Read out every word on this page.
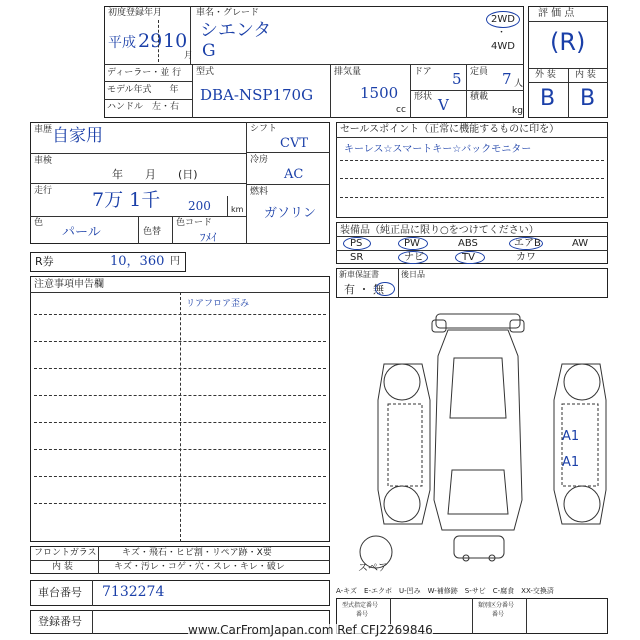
初度登録年月
平成 29 10
月
車名・グレード
シエンタ
G
2WD
・
4WD
ディーラー・並 行
モデル年式　　年
ハンドル　左・右
型式
DBA-NSP170G
排気量
1500
cc
ドア 5 定員 7 人
形状 V 積載
kg
評 価 点
(R)
外 装 内 装
B B
車歴 自家用
車検
年　　月　　(日)
走行 7万 1千 200	km
色
パール	色替
色コード
ﾌﾒｲ
シフト
CVT
冷房
AC
燃料
ガソリン
R券	10，360 円
セールスポイント（正常に機能するものに印を）
キーレス☆スマートキー☆バックモニター
装備品（純正品に限り○をつけてください）
PS	PW	ABS	エアB	AW
SR	ナビ	TV	カワ
新車保証書
有 ・ 無
後日品
注意事項申告欄
リアフロア歪み
A1
A1
スペア
A-キズ　E-エクボ　U-凹み　W-補修跡　S-サビ　C-腐食　XX-交換済
フロントガラス	キズ・飛石・ヒビ割・リペア跡・X要
内 装	キズ・汚レ・コゲ・穴・スレ・キレ・破レ
車台番号 7132274
登録番号
型式指定番号
番号
類別区分番号
番号
www.CarFromJapan.com Ref CFJ2269846
